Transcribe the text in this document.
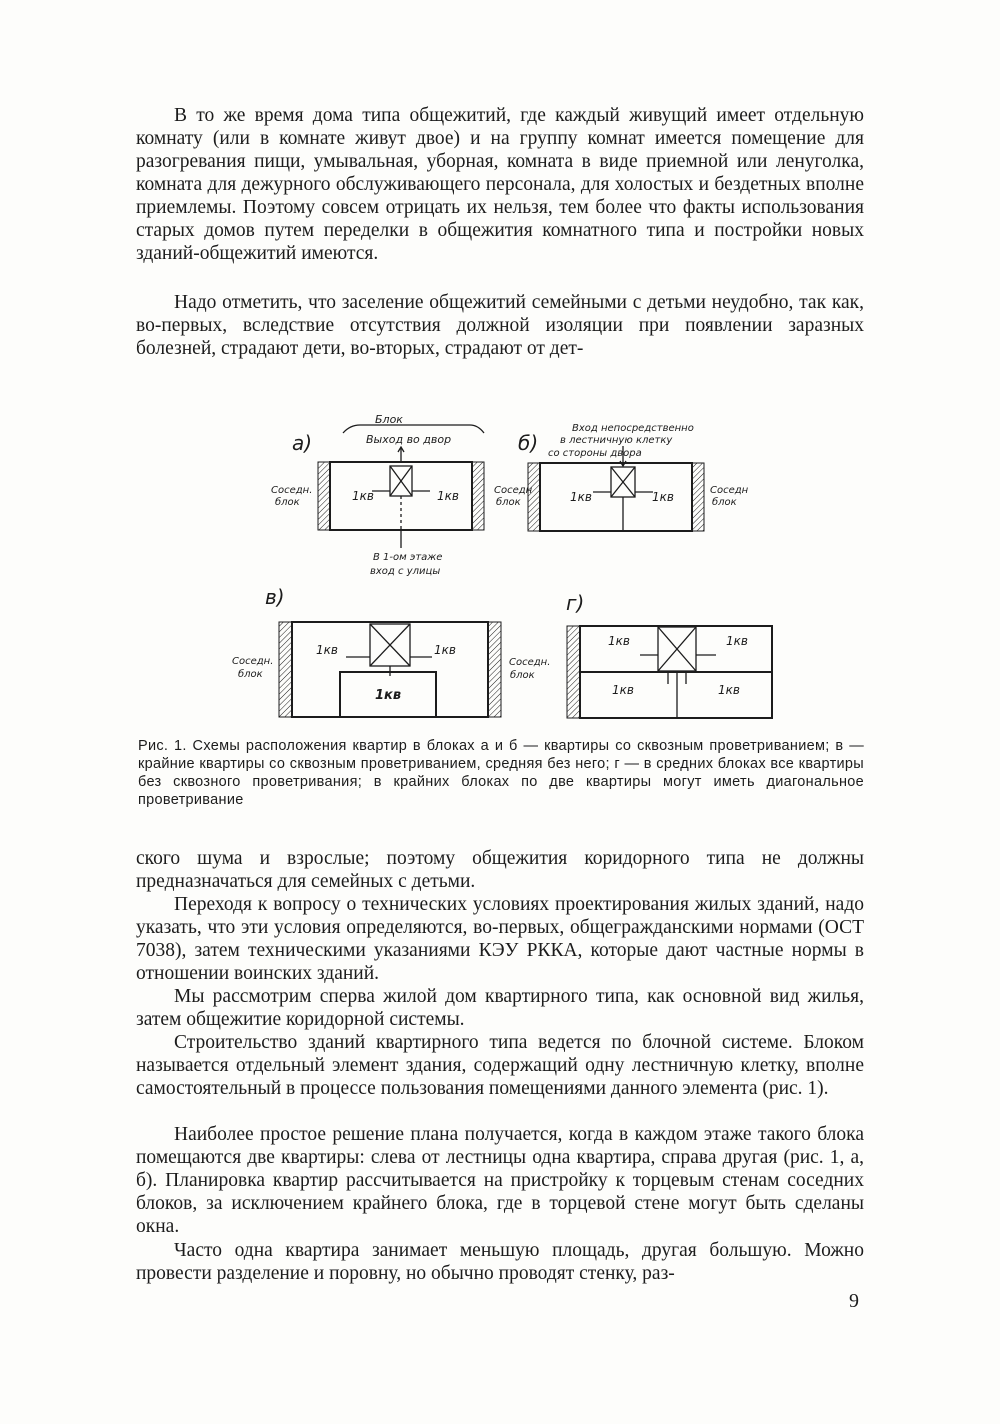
В то же время дома типа общежитий, где каждый живущий имеет отдельную комнату (или в комнате живут двое) и на группу комнат имеется помещение для разогревания пищи, умывальная, уборная, комната в виде приемной или ленуголка, комната для дежурного обслуживающего персонала, для холостых и бездетных вполне приемлемы. Поэтому совсем отрицать их нельзя, тем более что факты использования старых домов путем переделки в общежития комнатного типа и постройки новых зданий-общежитий имеются.

Надо отметить, что заселение общежитий семейными с детьми неудобно, так как, во-первых, вследствие отсутствия должной изоляции при появлении заразных болезней, страдают дети, во-вторых, страдают от дет-

а)
Блок
Выход во двор
Соседн.
блок	1кв	1кв
В 1-ом этаже
вход с улицы
б)
Вход непосредственно
в лестничную клетку
со стороны двора
Соседн
блок
Соседн
блок
1кв	1кв
в)
Соседн.
блок
Соседн.
блок
1кв	1кв
1кв
г)
1кв	1кв
1кв	1кв

Рис. 1. Схемы расположения квартир в блоках а и б — квартиры со сквозным проветриванием; в — крайние квартиры со сквозным проветриванием, средняя без него; г — в средних блоках все квартиры без сквозного проветривания; в крайних блоках по две квартиры могут иметь диагональное проветривание

ского шума и взрослые; поэтому общежития коридорного типа не должны предназначаться для семейных с детьми.

Переходя к вопросу о технических условиях проектирования жилых зданий, надо указать, что эти условия определяются, во-первых, общегражданскими нормами (ОСТ 7038), затем техническими указаниями КЭУ РККА, которые дают частные нормы в отношении воинских зданий.

Мы рассмотрим сперва жилой дом квартирного типа, как основной вид жилья, затем общежитие коридорной системы.

Строительство зданий квартирного типа ведется по блочной системе. Блоком называется отдельный элемент здания, содержащий одну лестничную клетку, вполне самостоятельный в процессе пользования помещениями данного элемента (рис. 1).

Наиболее простое решение плана получается, когда в каждом этаже такого блока помещаются две квартиры: слева от лестницы одна квартира, справа другая (рис. 1, а, б). Планировка квартир рассчитывается на пристройку к торцевым стенам соседних блоков, за исключением крайнего блока, где в торцевой стене могут быть сделаны окна.

Часто одна квартира занимает меньшую площадь, другая большую. Можно провести разделение и поровну, но обычно проводят стенку, раз-

9
